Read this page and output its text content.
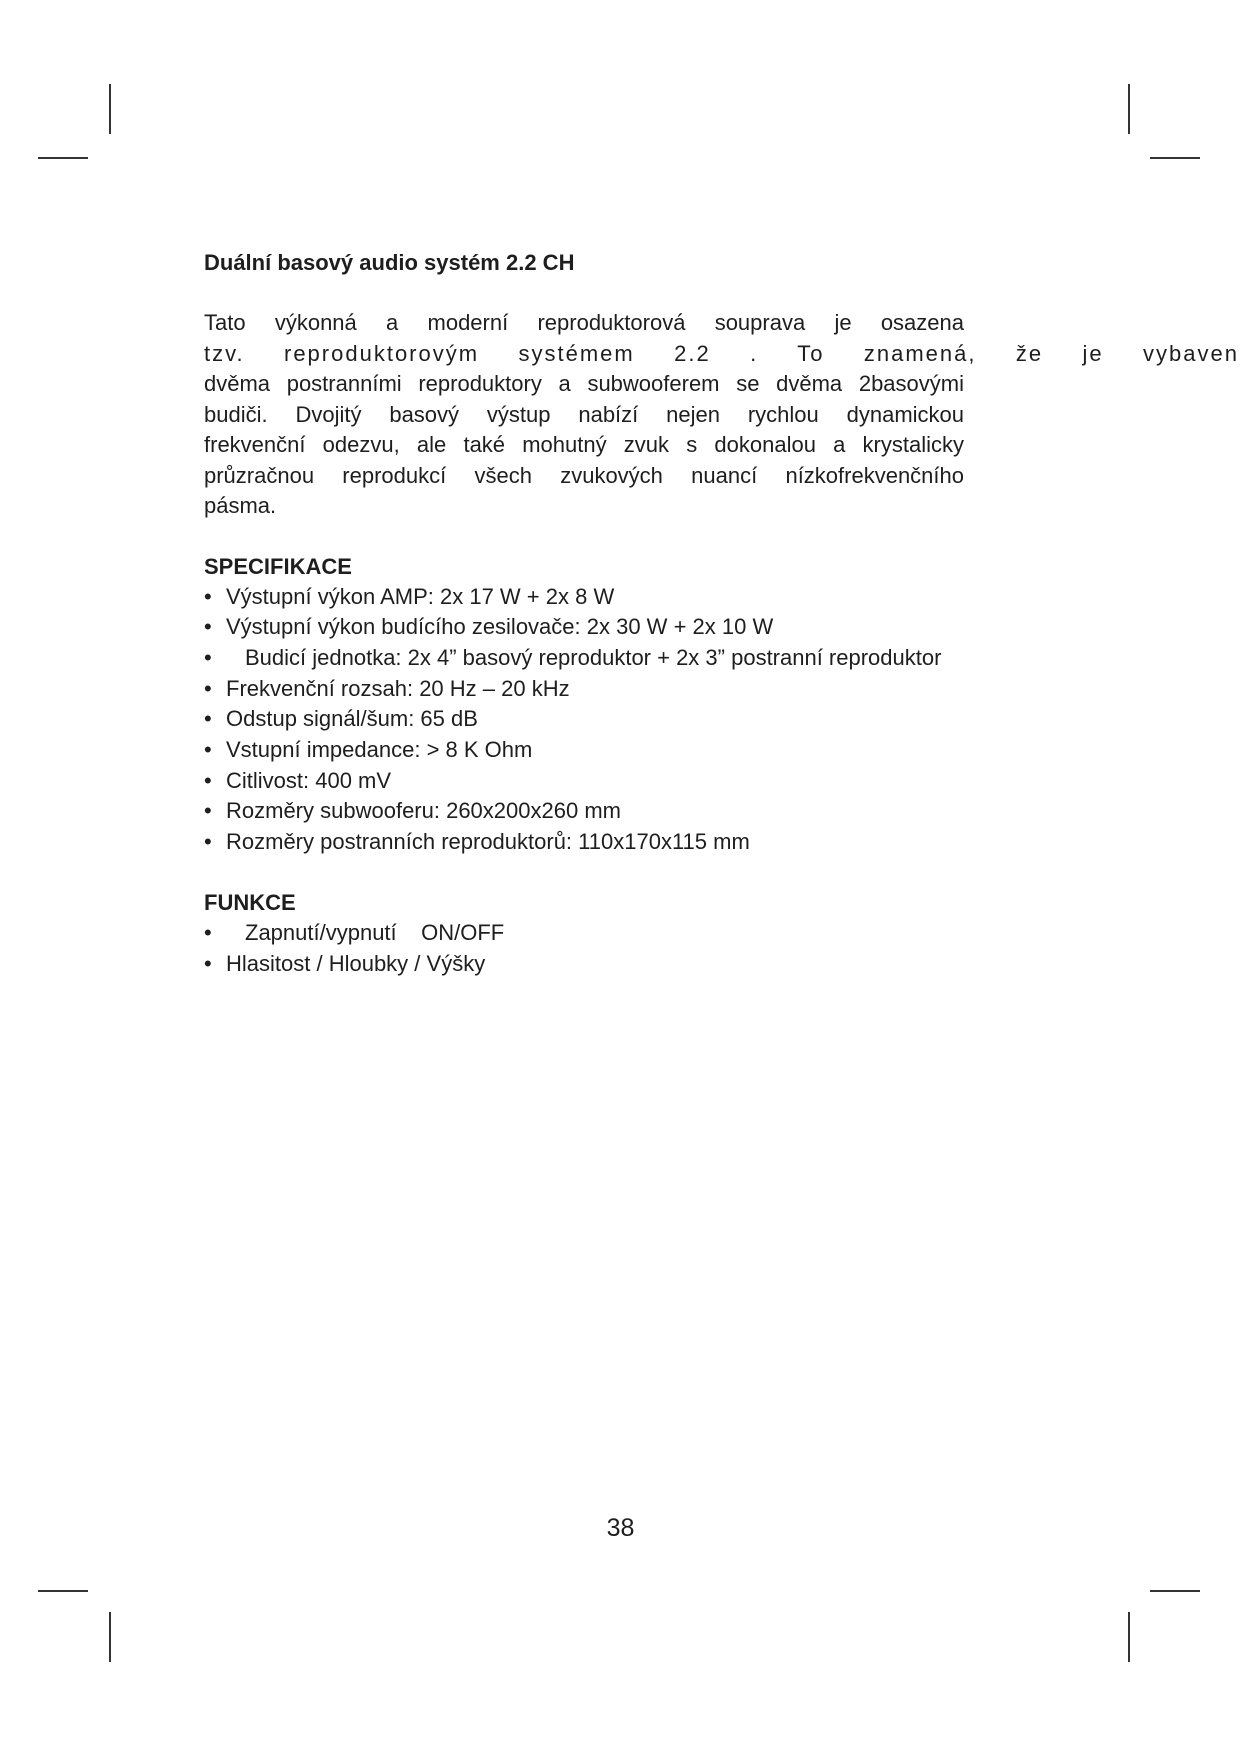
Duální basový audio systém 2.2 CH
Tato výkonná a moderní reproduktorová souprava je osazena
tzv. reproduktorovým systémem 2.2 . To znamená, že je vybaven
dvěma postranními reproduktory a subwooferem se dvěma 2basovými
budiči. Dvojitý basový výstup nabízí nejen rychlou dynamickou
frekvenční odezvu, ale také mohutný zvuk s dokonalou a krystalicky
průzračnou reprodukcí všech zvukových nuancí nízkofrekvenčního
pásma.
SPECIFIKACE
• Výstupní výkon AMP: 2x 17 W + 2x 8 W
• Výstupní výkon budícího zesilovače: 2x 30 W + 2x 10 W
• Budicí jednotka: 2x 4” basový reproduktor + 2x 3” postranní reproduktor
• Frekvenční rozsah: 20 Hz – 20 kHz
• Odstup signál/šum: 65 dB
• Vstupní impedance: > 8 K Ohm
• Citlivost: 400 mV
• Rozměry subwooferu: 260x200x260 mm
• Rozměry postranních reproduktorů: 110x170x115 mm
FUNKCE
• Zapnutí/vypnutí    ON/OFF
• Hlasitost / Hloubky / Výšky
38
